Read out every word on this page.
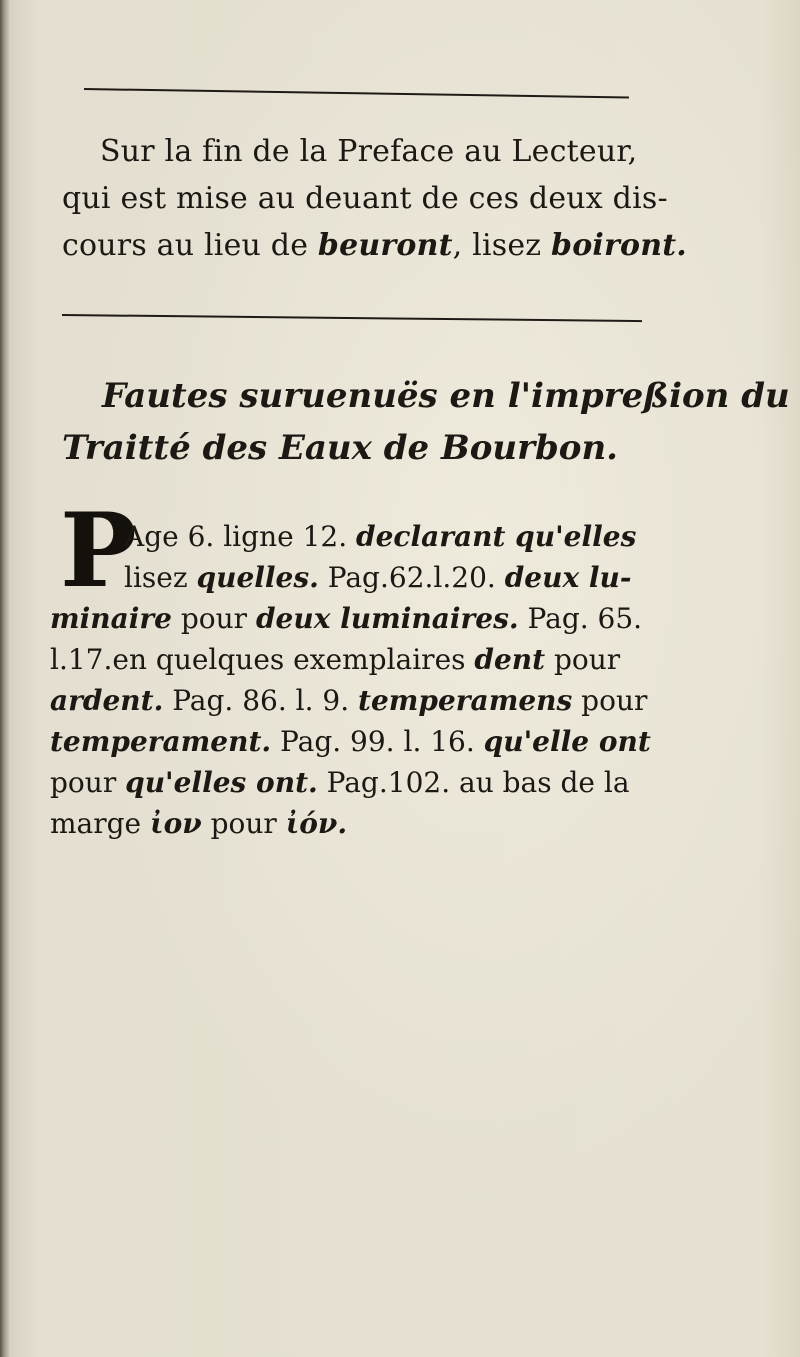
Sur la fin de la Preface au Lecteur,
qui est mise au deuant de ces deux dis-
cours au lieu de beuront, lisez boiront.
Fautes suruenuës en l'impreßion du
Traitté des Eaux de Bourbon.
P
Age 6. ligne 12. declarant qu'elles
lisez quelles. Pag.62.l.20. deux lu-
minaire pour deux luminaires. Pag. 65.
l.17.en quelques exemplaires dent pour
ardent. Pag. 86. l. 9. temperamens pour
temperament. Pag. 99. l. 16. qu'elle ont
pour qu'elles ont. Pag.102. au bas de la
marge ἰον pour ἰόν.
